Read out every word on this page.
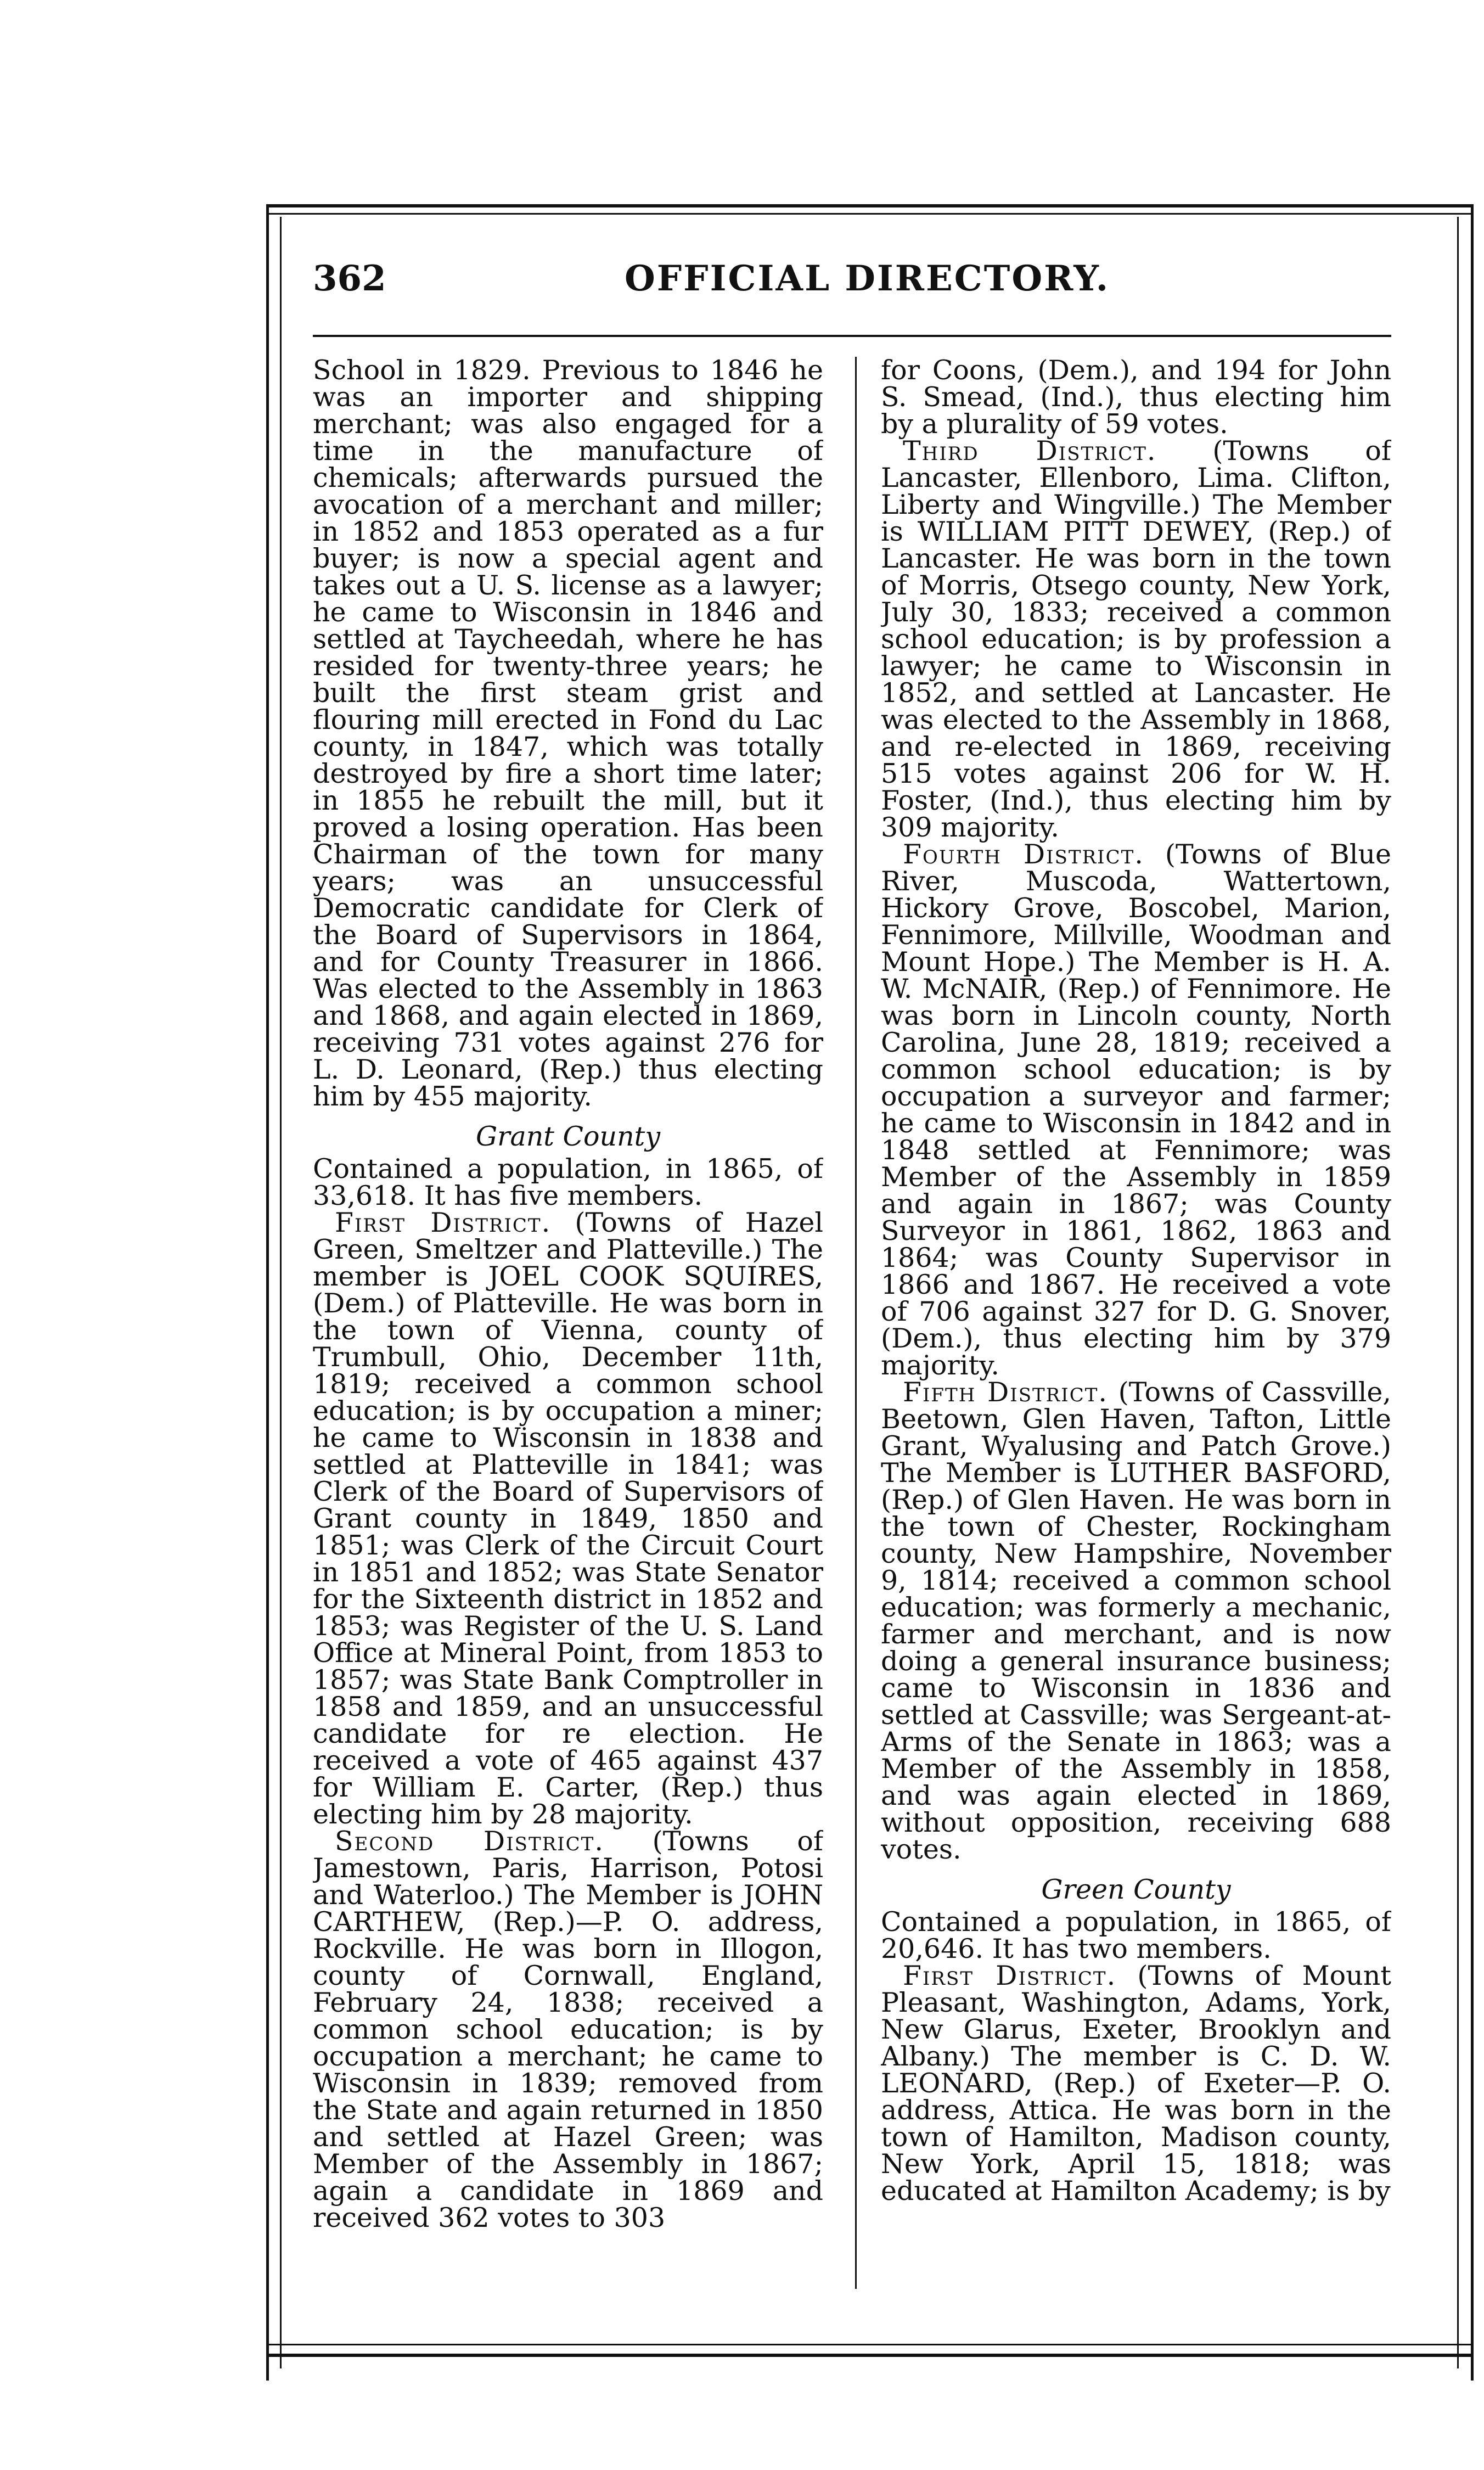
362	OFFICIAL DIRECTORY.

School in 1829. Previous to 1846 he was an importer and shipping merchant; was also engaged for a time in the manufacture of chemicals; afterwards pursued the avocation of a merchant and miller; in 1852 and 1853 operated as a fur buyer; is now a special agent and takes out a U. S. license as a lawyer; he came to Wisconsin in 1846 and settled at Taycheedah, where he has resided for twenty-three years; he built the first steam grist and flouring mill erected in Fond du Lac county, in 1847, which was totally destroyed by fire a short time later; in 1855 he rebuilt the mill, but it proved a losing operation. Has been Chairman of the town for many years; was an unsuccessful Democratic candidate for Clerk of the Board of Supervisors in 1864, and for County Treasurer in 1866. Was elected to the Assembly in 1863 and 1868, and again elected in 1869, receiving 731 votes against 276 for L. D. Leonard, (Rep.) thus electing him by 455 majority.

Grant County

Contained a population, in 1865, of 33,618. It has five members.

First District. (Towns of Hazel Green, Smeltzer and Platteville.) The member is JOEL COOK SQUIRES, (Dem.) of Platteville. He was born in the town of Vienna, county of Trumbull, Ohio, December 11th, 1819; received a common school education; is by occupation a miner; he came to Wisconsin in 1838 and settled at Platteville in 1841; was Clerk of the Board of Supervisors of Grant county in 1849, 1850 and 1851; was Clerk of the Circuit Court in 1851 and 1852; was State Senator for the Sixteenth district in 1852 and 1853; was Register of the U. S. Land Office at Mineral Point, from 1853 to 1857; was State Bank Comptroller in 1858 and 1859, and an unsuccessful candidate for re election. He received a vote of 465 against 437 for William E. Carter, (Rep.) thus electing him by 28 majority.

Second District. (Towns of Jamestown, Paris, Harrison, Potosi and Waterloo.) The Member is JOHN CARTHEW, (Rep.)—P. O. address, Rockville. He was born in Illogon, county of Cornwall, England, February 24, 1838; received a common school education; is by occupation a merchant; he came to Wisconsin in 1839; removed from the State and again returned in 1850 and settled at Hazel Green; was Member of the Assembly in 1867; again a candidate in 1869 and received 362 votes to 303

for Coons, (Dem.), and 194 for John S. Smead, (Ind.), thus electing him by a plurality of 59 votes.

Third District. (Towns of Lancaster, Ellenboro, Lima. Clifton, Liberty and Wingville.) The Member is WILLIAM PITT DEWEY, (Rep.) of Lancaster. He was born in the town of Morris, Otsego county, New York, July 30, 1833; received a common school education; is by profession a lawyer; he came to Wisconsin in 1852, and settled at Lancaster. He was elected to the Assembly in 1868, and re-elected in 1869, receiving 515 votes against 206 for W. H. Foster, (Ind.), thus electing him by 309 majority.

Fourth District. (Towns of Blue River, Muscoda, Wattertown, Hickory Grove, Boscobel, Marion, Fennimore, Millville, Woodman and Mount Hope.) The Member is H. A. W. McNAIR, (Rep.) of Fennimore. He was born in Lincoln county, North Carolina, June 28, 1819; received a common school education; is by occupation a surveyor and farmer; he came to Wisconsin in 1842 and in 1848 settled at Fennimore; was Member of the Assembly in 1859 and again in 1867; was County Surveyor in 1861, 1862, 1863 and 1864; was County Supervisor in 1866 and 1867. He received a vote of 706 against 327 for D. G. Snover, (Dem.), thus electing him by 379 majority.

Fifth District. (Towns of Cassville, Beetown, Glen Haven, Tafton, Little Grant, Wyalusing and Patch Grove.) The Member is LUTHER BASFORD, (Rep.) of Glen Haven. He was born in the town of Chester, Rockingham county, New Hampshire, November 9, 1814; received a common school education; was formerly a mechanic, farmer and merchant, and is now doing a general insurance business; came to Wisconsin in 1836 and settled at Cassville; was Sergeant-at-Arms of the Senate in 1863; was a Member of the Assembly in 1858, and was again elected in 1869, without opposition, receiving 688 votes.

Green County

Contained a population, in 1865, of 20,646. It has two members.

First District. (Towns of Mount Pleasant, Washington, Adams, York, New Glarus, Exeter, Brooklyn and Albany.) The member is C. D. W. LEONARD, (Rep.) of Exeter—P. O. address, Attica. He was born in the town of Hamilton, Madison county, New York, April 15, 1818; was educated at Hamilton Academy; is by
